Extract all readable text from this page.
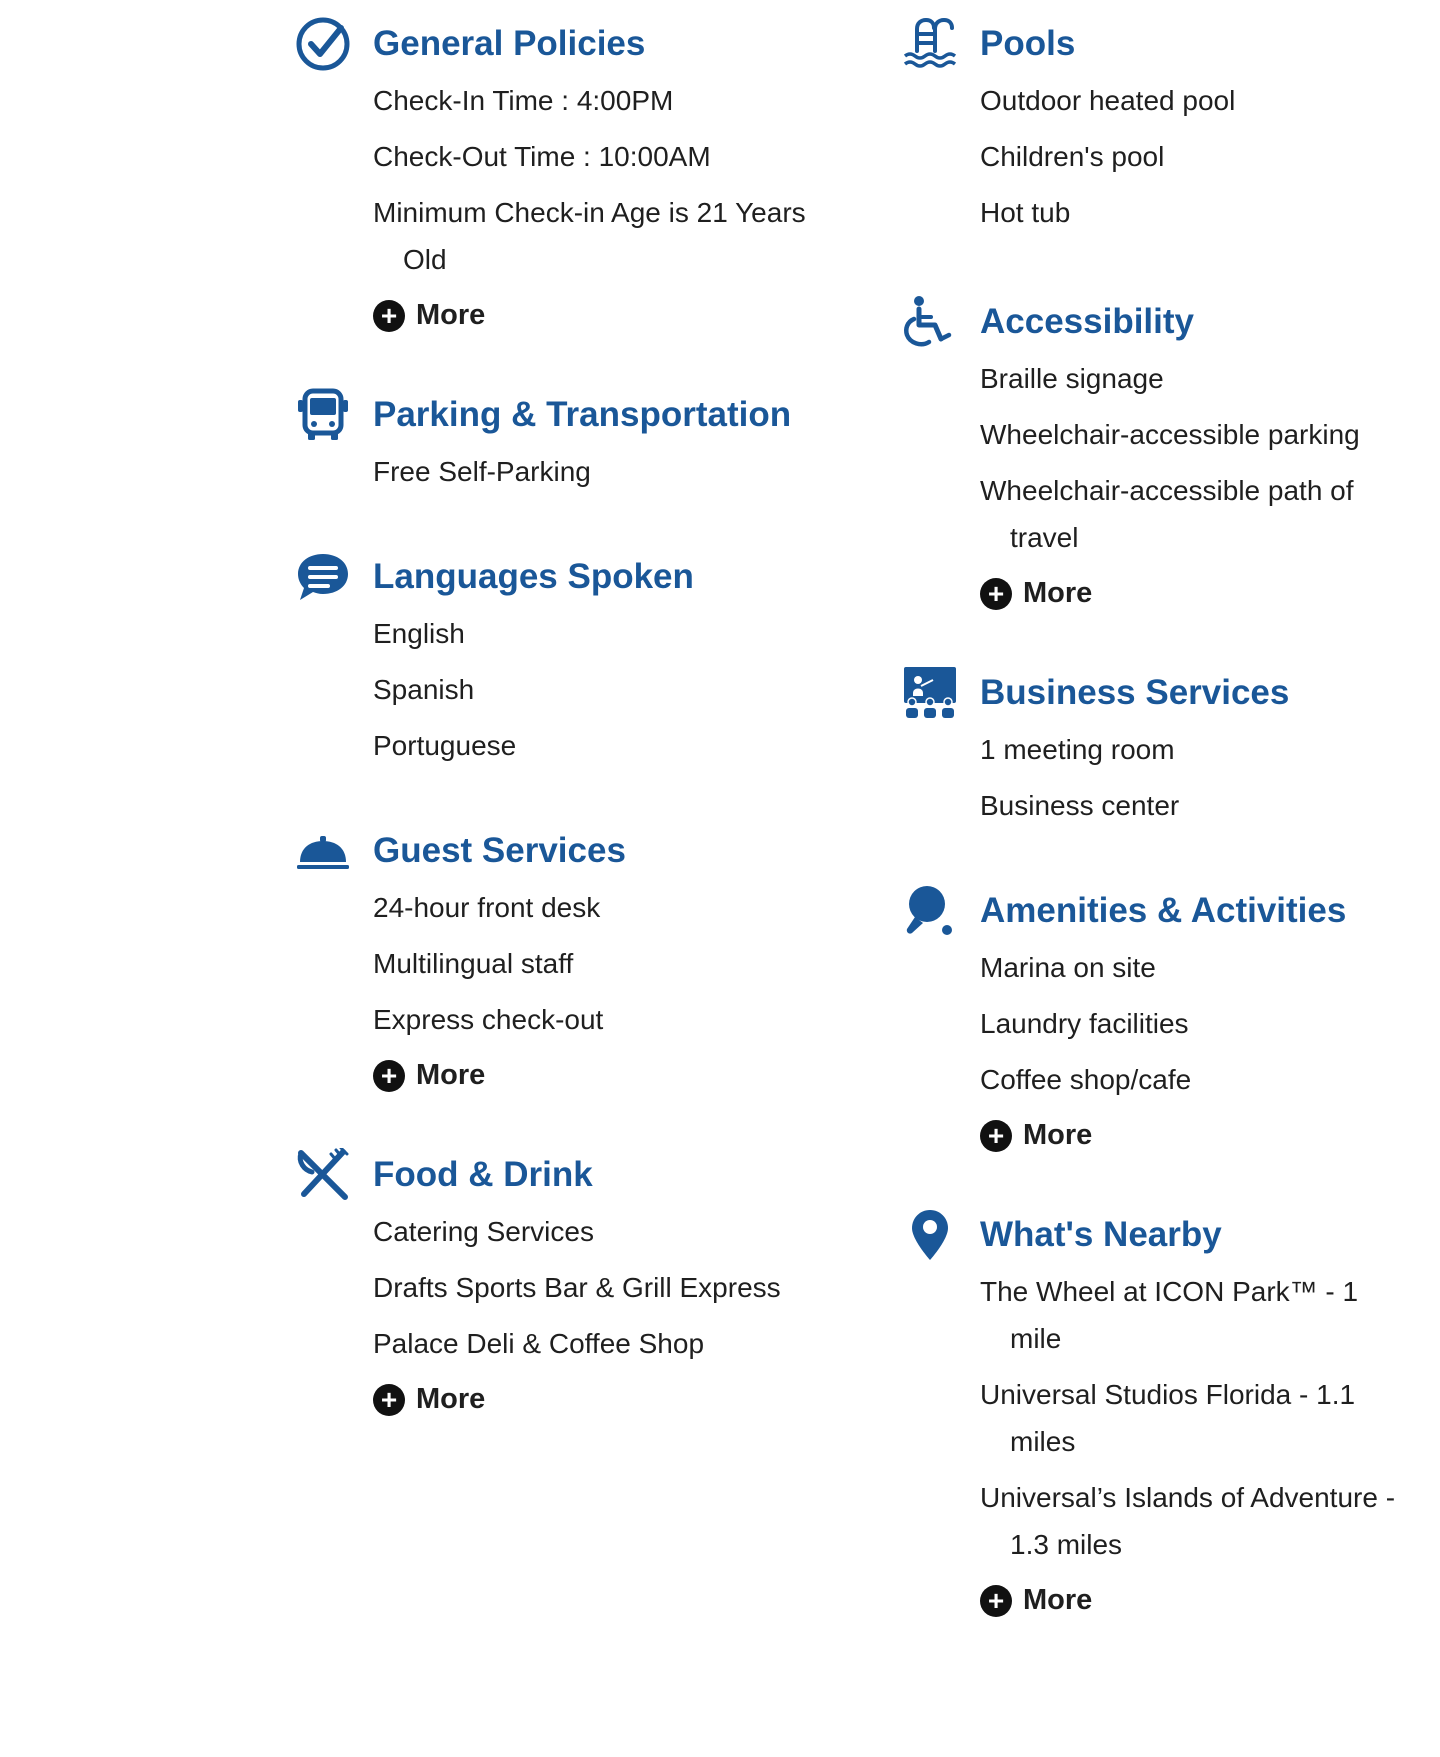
General Policies
Check-In Time : 4:00PM
Check-Out Time : 10:00AM
Minimum Check-in Age is 21 Years Old
+ More
Parking & Transportation
Free Self-Parking
Languages Spoken
English
Spanish
Portuguese
Guest Services
24-hour front desk
Multilingual staff
Express check-out
+ More
Food & Drink
Catering Services
Drafts Sports Bar & Grill Express
Palace Deli & Coffee Shop
+ More
Pools
Outdoor heated pool
Children's pool
Hot tub
Accessibility
Braille signage
Wheelchair-accessible parking
Wheelchair-accessible path of travel
+ More
Business Services
1 meeting room
Business center
Amenities & Activities
Marina on site
Laundry facilities
Coffee shop/cafe
+ More
What's Nearby
The Wheel at ICON Park™ - 1 mile
Universal Studios Florida - 1.1 miles
Universal’s Islands of Adventure - 1.3 miles
+ More
